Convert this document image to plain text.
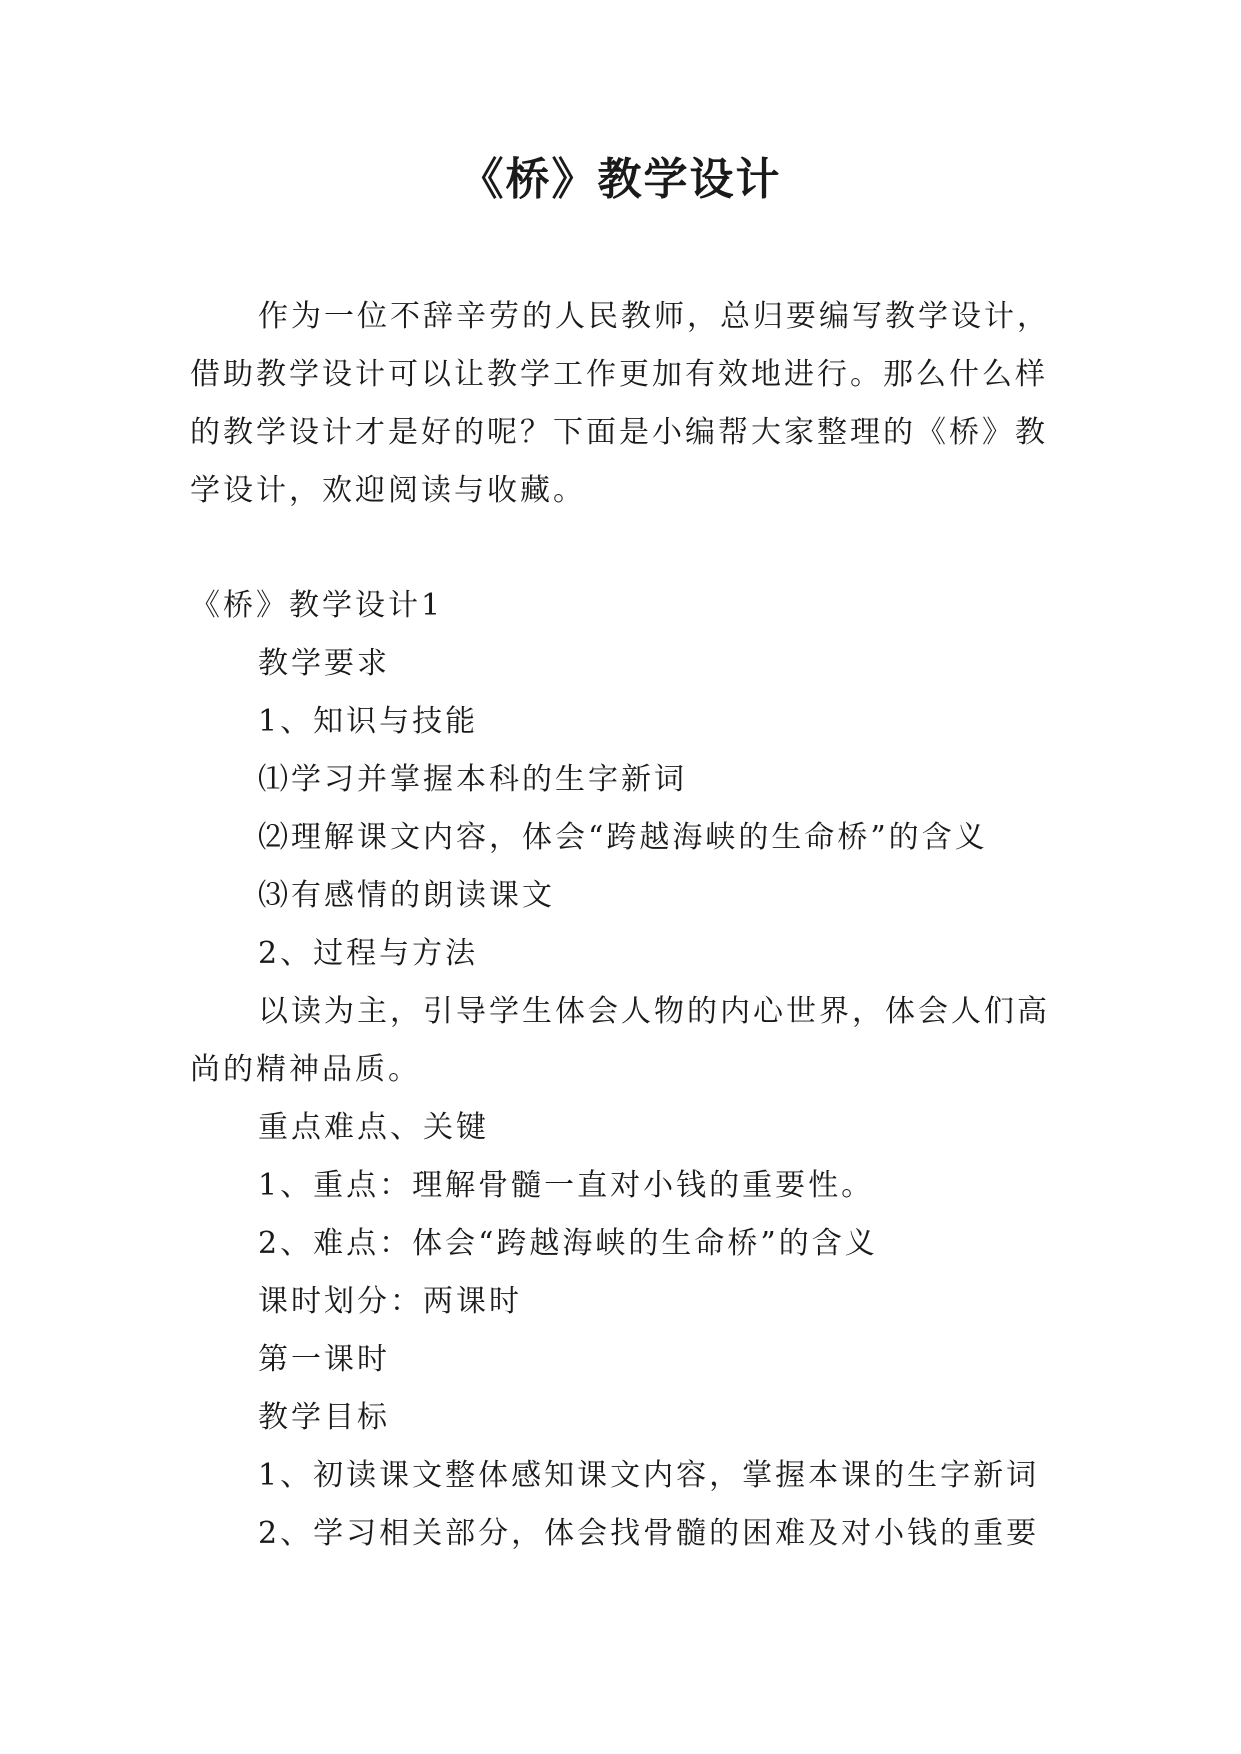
《桥》教学设计

作为一位不辞辛劳的人民教师，总归要编写教学设计，借助教学设计可以让教学工作更加有效地进行。那么什么样的教学设计才是好的呢？下面是小编帮大家整理的《桥》教学设计，欢迎阅读与收藏。

《桥》教学设计1

教学要求

1、知识与技能

⑴学习并掌握本科的生字新词

⑵理解课文内容，体会“跨越海峡的生命桥”的含义

⑶有感情的朗读课文

2、过程与方法

以读为主，引导学生体会人物的内心世界，体会人们高尚的精神品质。

重点难点、关键

1、重点：理解骨髓一直对小钱的重要性。

2、难点：体会“跨越海峡的生命桥”的含义

课时划分：两课时

第一课时

教学目标

1、初读课文整体感知课文内容，掌握本课的生字新词

2、学习相关部分，体会找骨髓的困难及对小钱的重要
